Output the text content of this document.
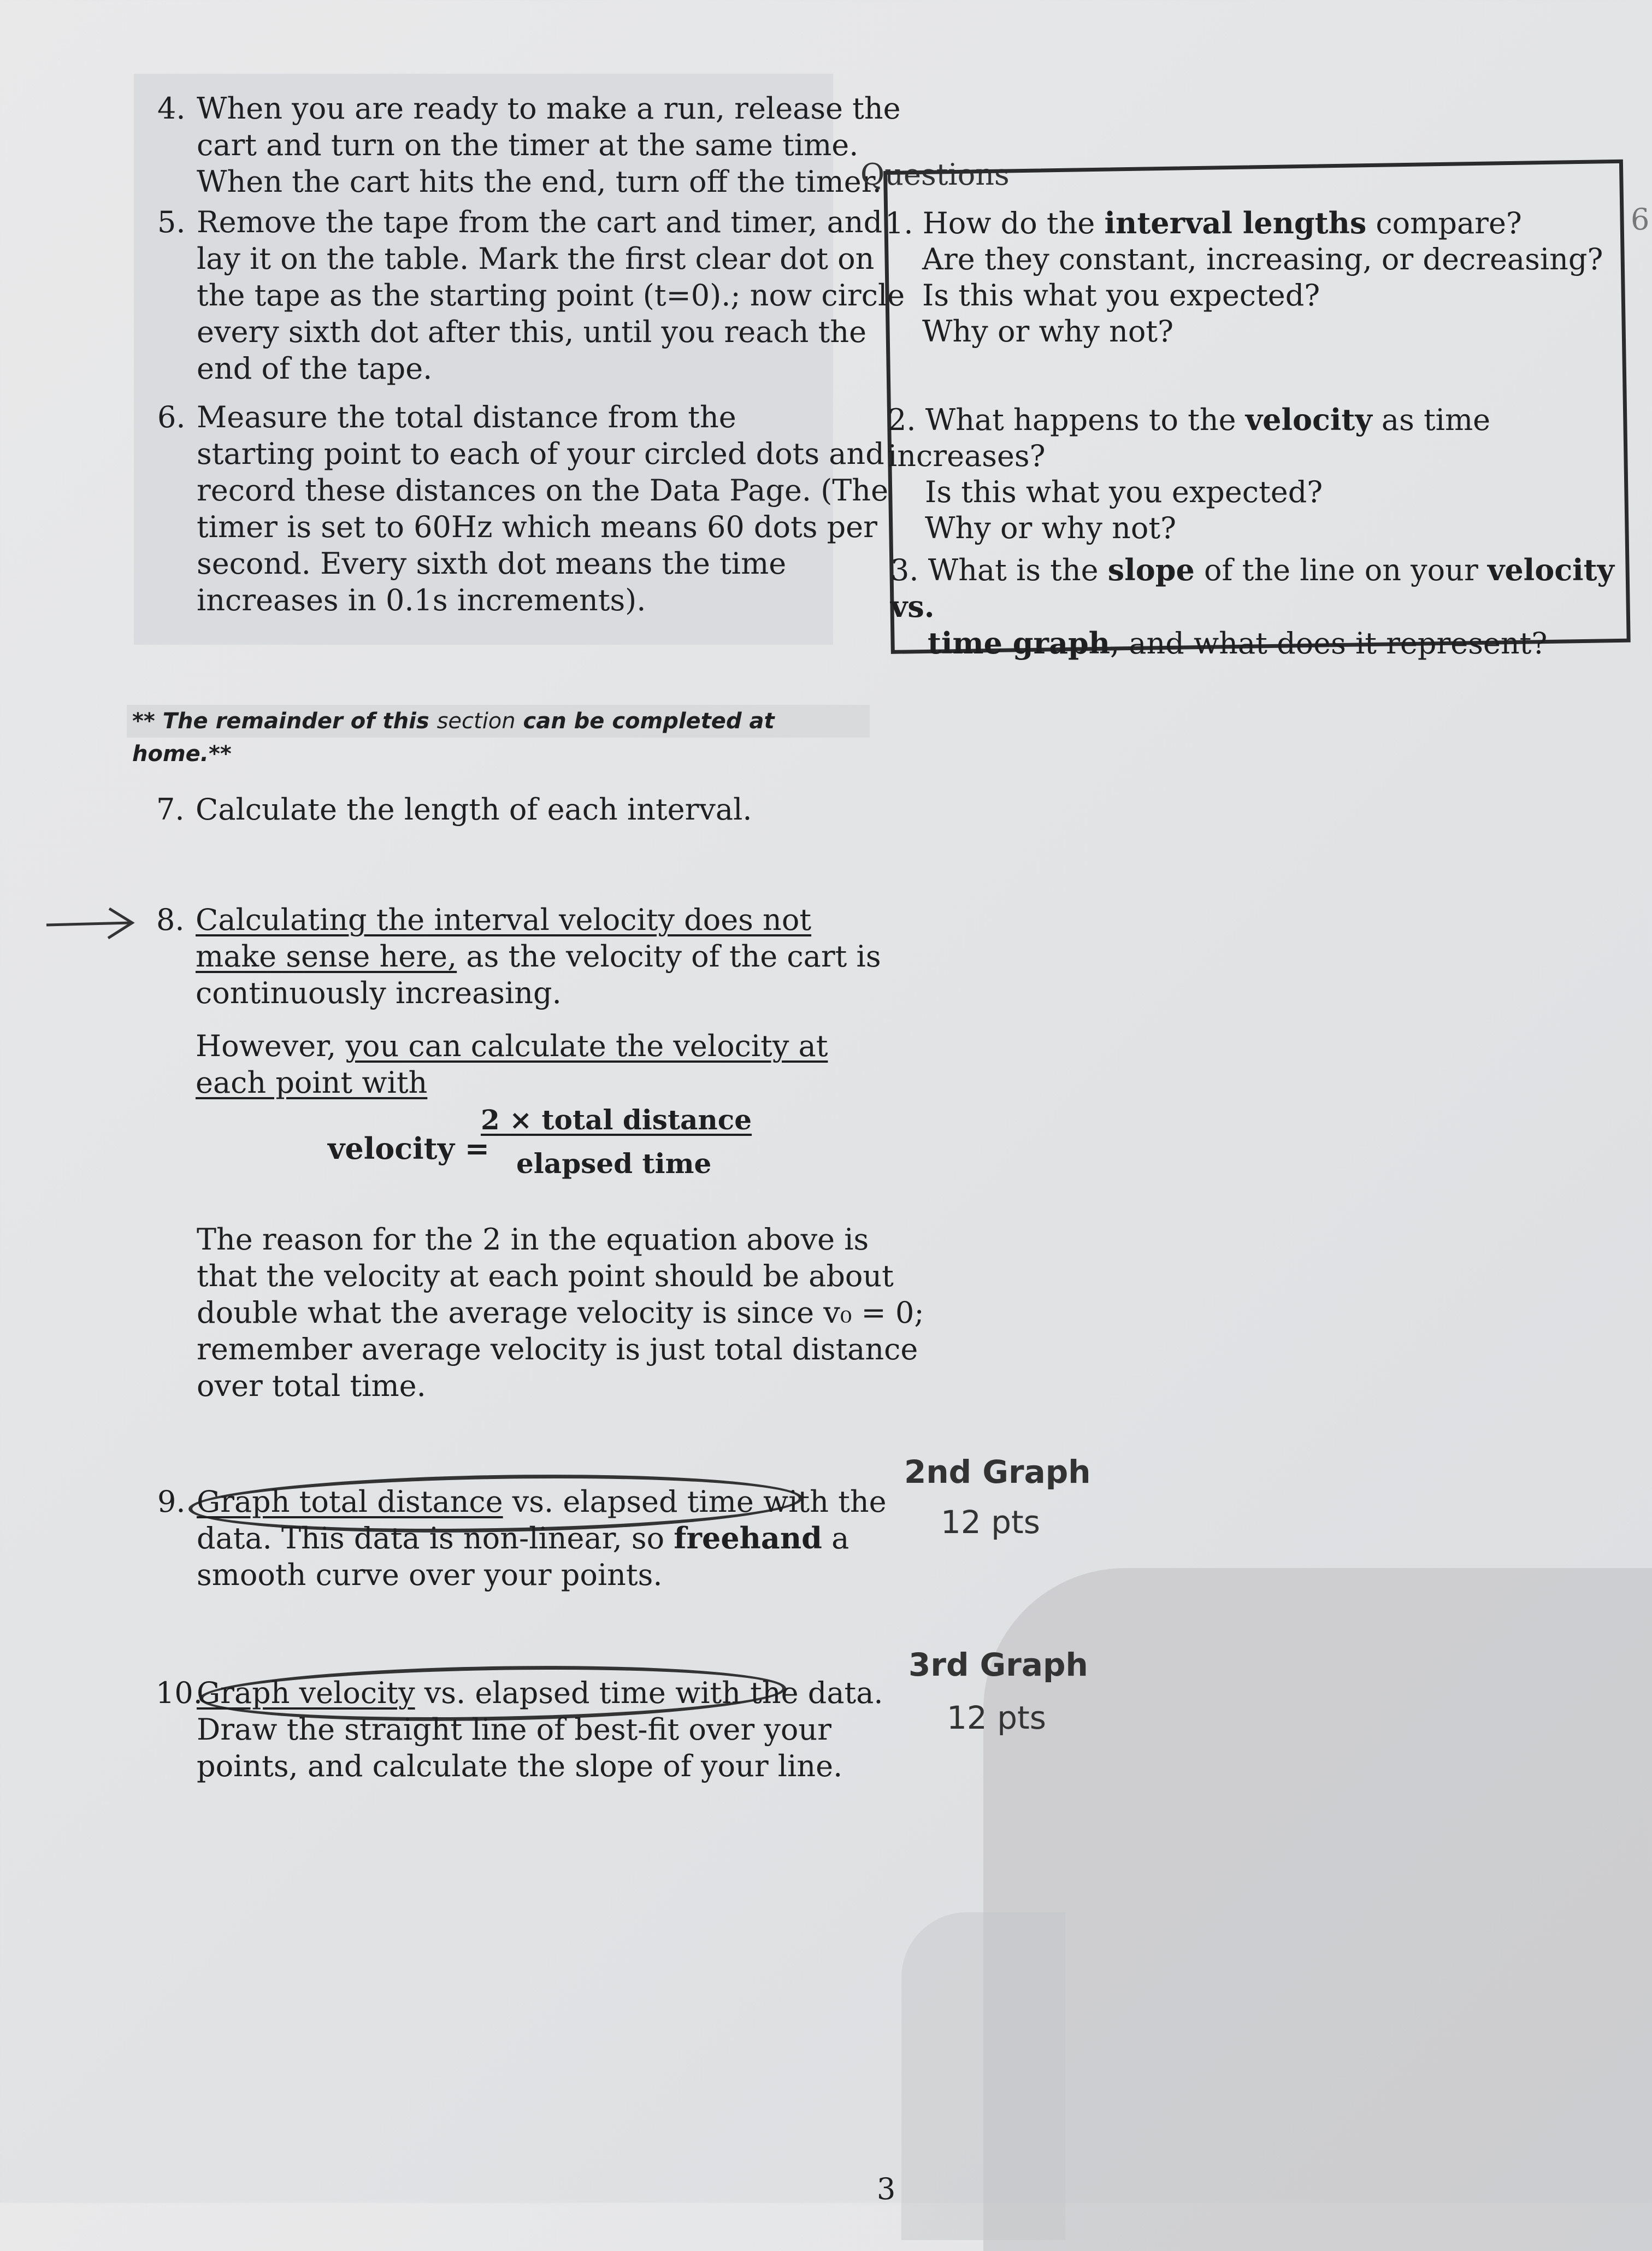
4. When you are ready to make a run, release the
cart and turn on the timer at the same time.
When the cart hits the end, turn off the timer.
5. Remove the tape from the cart and timer, and
lay it on the table. Mark the first clear dot on
the tape as the starting point (t=0).; now circle
every sixth dot after this, until you reach the
end of the tape.
6. Measure the total distance from the
starting point to each of your circled dots and
record these distances on the Data Page. (The
timer is set to 60Hz which means 60 dots per
second. Every sixth dot means the time
increases in 0.1s increments).
Questions
1. How do the interval lengths compare?
Are they constant, increasing, or decreasing?
Is this what you expected?
Why or why not?
2. What happens to the velocity as time increases?
Is this what you expected?
Why or why not?
3. What is the slope of the line on your velocity vs.
time graph, and what does it represent?
6
** The remainder of this section can be completed at home.**
7. Calculate the length of each interval.
8. Calculating the interval velocity does not
make sense here, as the velocity of the cart is
continuously increasing.
However, you can calculate the velocity at
each point with
velocity =
2 × total distance
elapsed time
The reason for the 2 in the equation above is
that the velocity at each point should be about
double what the average velocity is since v₀ = 0;
remember average velocity is just total distance
over total time.
9. Graph total distance vs. elapsed time with the
data. This data is non-linear, so freehand a
smooth curve over your points.
2nd Graph
12 pts
10.
Graph velocity vs. elapsed time with the data.
Draw the straight line of best-fit over your
points, and calculate the slope of your line.
3rd Graph
12 pts
3
